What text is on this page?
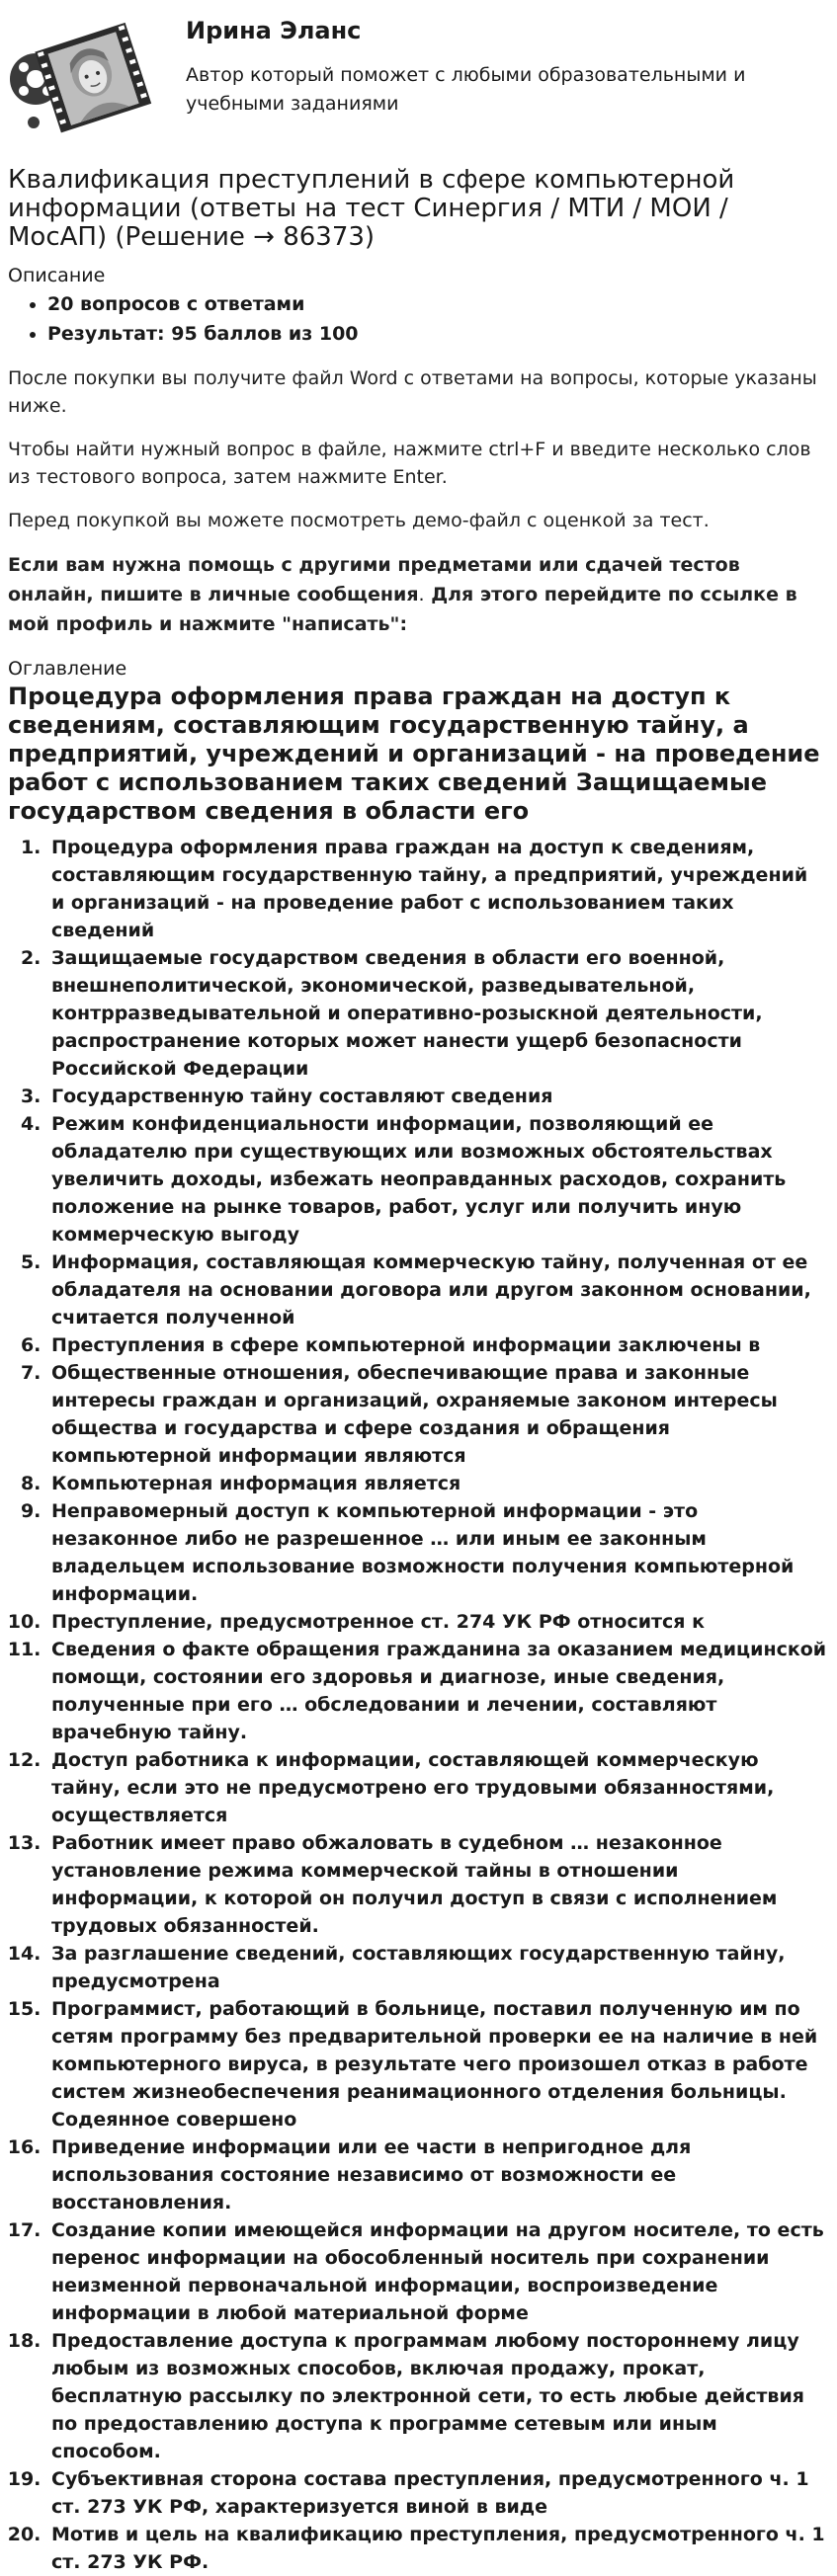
Ирина Эланс

Автор который поможет с любыми образовательными и учебными заданиями

Квалификация преступлений в сфере компьютерной информации (ответы на тест Синергия / МТИ / МОИ / МосАП) (Решение → 86373)
Описание
• 20 вопросов с ответами
• Результат: 95 баллов из 100

После покупки вы получите файл Word с ответами на вопросы, которые указаны ниже.

Чтобы найти нужный вопрос в файле, нажмите ctrl+F и введите несколько слов из тестового вопроса, затем нажмите Enter.

Перед покупкой вы можете посмотреть демо-файл с оценкой за тест.

Если вам нужна помощь с другими предметами или сдачей тестов онлайн, пишите в личные сообщения. Для этого перейдите по ссылке в мой профиль и нажмите "написать":

Оглавление
Процедура оформления права граждан на доступ к сведениям, составляющим государственную тайну, а предприятий, учреждений и организаций - на проведение работ с использованием таких сведений Защищаемые государством сведения в области его
1. Процедура оформления права граждан на доступ к сведениям, составляющим государственную тайну, а предприятий, учреждений и организаций - на проведение работ с использованием таких сведений
2. Защищаемые государством сведения в области его военной, внешнеполитической, экономической, разведывательной, контрразведывательной и оперативно-розыскной деятельности, распространение которых может нанести ущерб безопасности Российской Федерации
3. Государственную тайну составляют сведения
4. Режим конфиденциальности информации, позволяющий ее обладателю при существующих или возможных обстоятельствах увеличить доходы, избежать неоправданных расходов, сохранить положение на рынке товаров, работ, услуг или получить иную коммерческую выгоду
5. Информация, составляющая коммерческую тайну, полученная от ее обладателя на основании договора или другом законном основании, считается полученной
6. Преступления в сфере компьютерной информации заключены в
7. Общественные отношения, обеспечивающие права и законные интересы граждан и организаций, охраняемые законом интересы общества и государства и сфере создания и обращения компьютерной информации являются
8. Компьютерная информация является
9. Неправомерный доступ к компьютерной информации - это незаконное либо не разрешенное … или иным ее законным владельцем использование возможности получения компьютерной информации.
10. Преступление, предусмотренное ст. 274 УК РФ относится к
11. Сведения о факте обращения гражданина за оказанием медицинской помощи, состоянии его здоровья и диагнозе, иные сведения, полученные при его … обследовании и лечении, составляют врачебную тайну.
12. Доступ работника к информации, составляющей коммерческую тайну, если это не предусмотрено его трудовыми обязанностями, осуществляется
13. Работник имеет право обжаловать в судебном … незаконное установление режима коммерческой тайны в отношении информации, к которой он получил доступ в связи с исполнением трудовых обязанностей.
14. За разглашение сведений, составляющих государственную тайну, предусмотрена
15. Программист, работающий в больнице, поставил полученную им по сетям программу без предварительной проверки ее на наличие в ней компьютерного вируса, в результате чего произошел отказ в работе систем жизнеобеспечения реанимационного отделения больницы. Содеянное совершено
16. Приведение информации или ее части в непригодное для использования состояние независимо от возможности ее восстановления.
17. Создание копии имеющейся информации на другом носителе, то есть перенос информации на обособленный носитель при сохранении неизменной первоначальной информации, воспроизведение информации в любой материальной форме
18. Предоставление доступа к программам любому постороннему лицу любым из возможных способов, включая продажу, прокат, бесплатную рассылку по электронной сети, то есть любые действия по предоставлению доступа к программе сетевым или иным способом.
19. Субъективная сторона состава преступления, предусмотренного ч. 1 ст. 273 УК РФ, характеризуется виной в виде
20. Мотив и цель на квалификацию преступления, предусмотренного ч. 1 ст. 273 УК РФ.
